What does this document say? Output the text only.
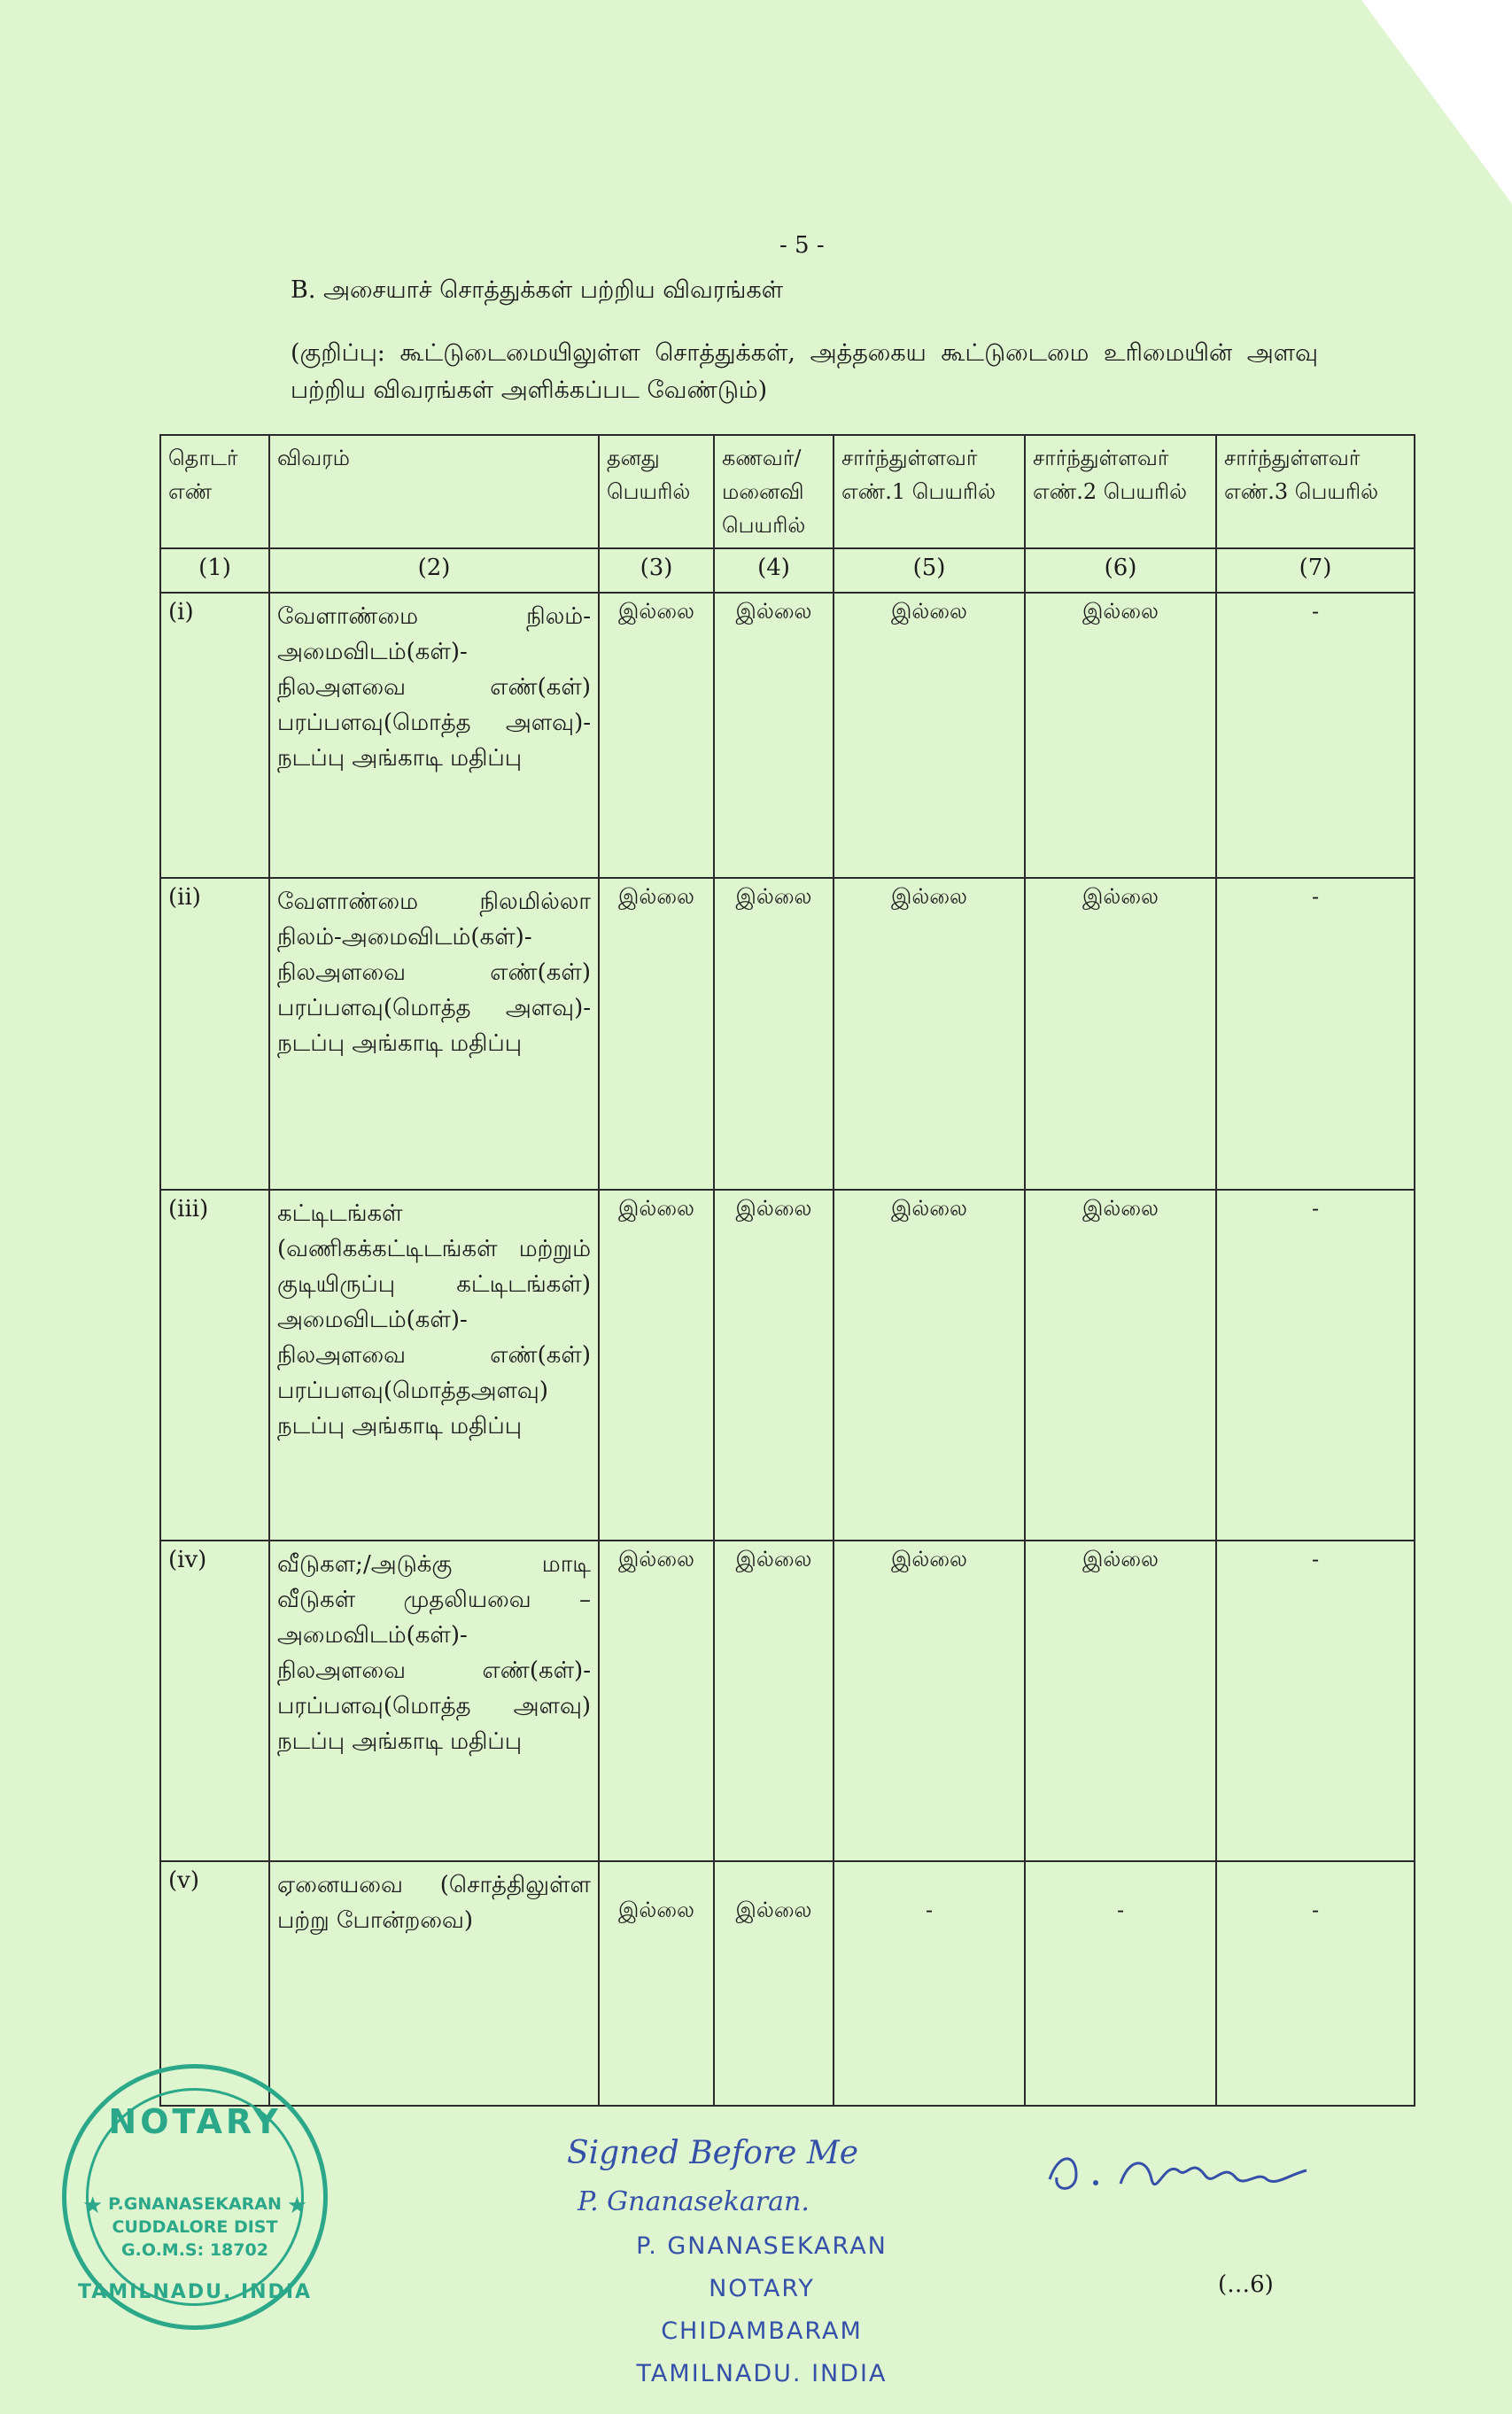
- 5 -
B. அசையாச் சொத்துக்கள் பற்றிய விவரங்கள்
(குறிப்பு: கூட்டுடைமையிலுள்ள சொத்துக்கள், அத்தகைய கூட்டுடைமை உரிமையின் அளவு பற்றிய விவரங்கள் அளிக்கப்பட வேண்டும்)
தொடர் எண்	விவரம்	தனது பெயரில்	கணவர்/ மனைவி பெயரில்	சார்ந்துள்ளவர் எண்.1 பெயரில்	சார்ந்துள்ளவர் எண்.2 பெயரில்	சார்ந்துள்ளவர் எண்.3 பெயரில்
(1)	(2)	(3)	(4)	(5)	(6)	(7)
(i)	வேளாண்மை நிலம்-அமைவிடம்(கள்)-நிலஅளவை எண்(கள்) பரப்பளவு(மொத்த அளவு)-நடப்பு அங்காடி மதிப்பு	இல்லை	இல்லை	இல்லை	இல்லை	-
(ii)	வேளாண்மை நிலமில்லா நிலம்-அமைவிடம்(கள்)-நிலஅளவை எண்(கள்) பரப்பளவு(மொத்த அளவு)-நடப்பு அங்காடி மதிப்பு	இல்லை	இல்லை	இல்லை	இல்லை	-
(iii)	கட்டிடங்கள் (வணிகக்கட்டிடங்கள் மற்றும் குடியிருப்பு கட்டிடங்கள்) அமைவிடம்(கள்)-நிலஅளவை எண்(கள்) பரப்பளவு(மொத்தஅளவு) நடப்பு அங்காடி மதிப்பு	இல்லை	இல்லை	இல்லை	இல்லை	-
(iv)	வீடுகள;/அடுக்கு மாடி வீடுகள் முதலியவை – அமைவிடம்(கள்)-நிலஅளவை எண்(கள்)-பரப்பளவு(மொத்த அளவு) நடப்பு அங்காடி மதிப்பு	இல்லை	இல்லை	இல்லை	இல்லை	-
(v)	ஏனையவை (சொத்திலுள்ள பற்று போன்றவை)	இல்லை	இல்லை	-	-	-
NOTARY
★	★
P.GNANASEKARAN
CUDDALORE DIST
G.O.M.S: 18702
TAMILNADU. INDIA
Signed Before Me
P. Gnanasekaran.
P. GNANASEKARAN
NOTARY
CHIDAMBARAM
TAMILNADU. INDIA
(…6)
